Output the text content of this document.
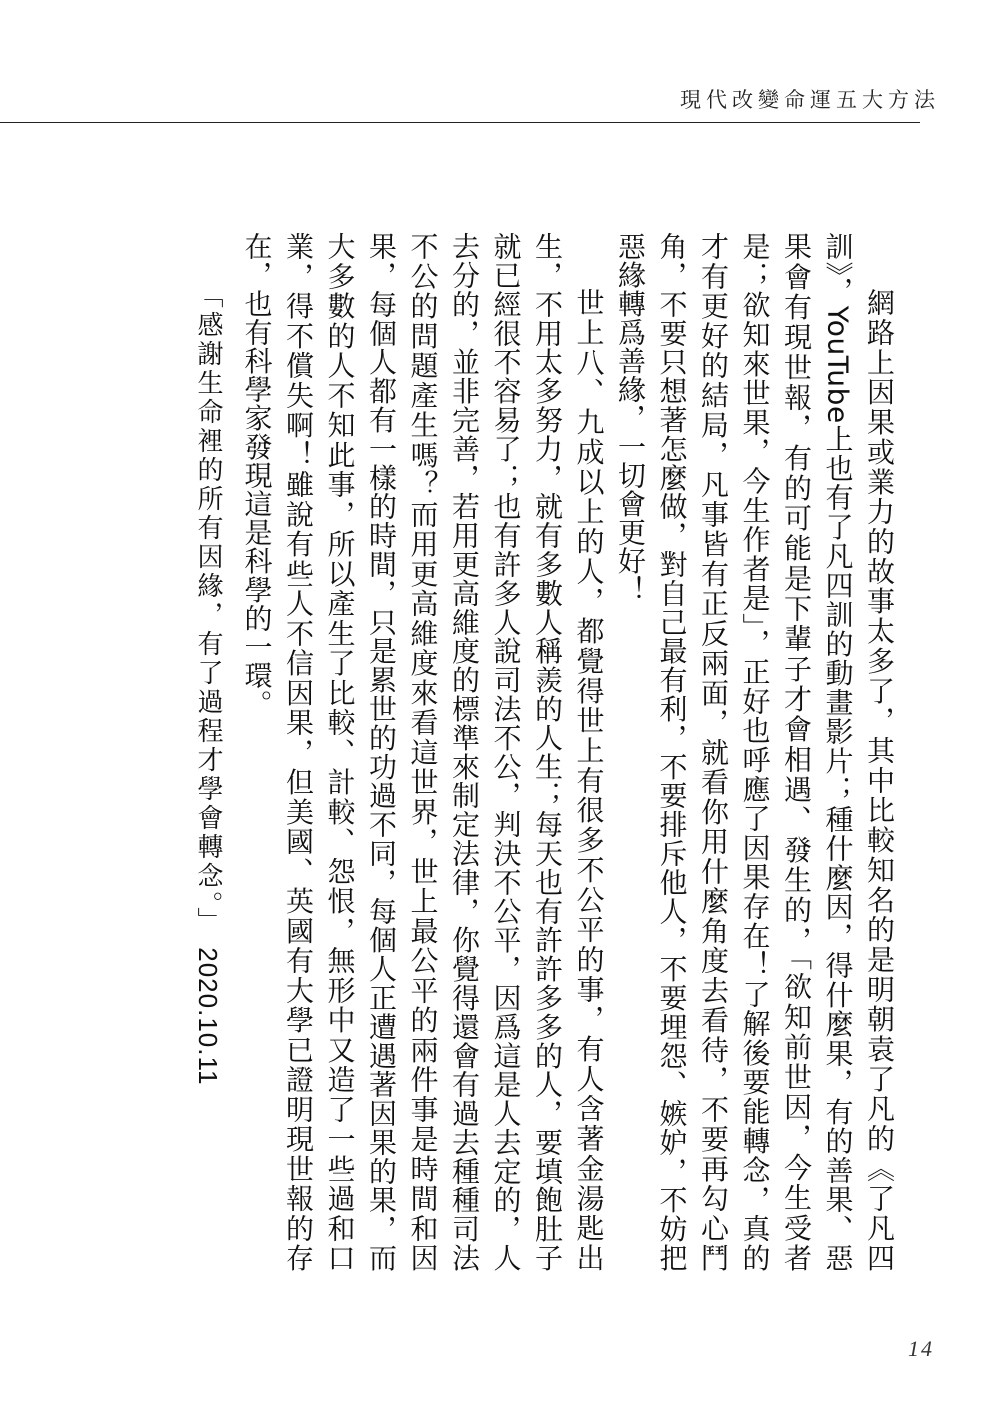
現代改變命運五大方法

網路上因果或業力的故事太多了，其中比較知名的是明朝袁了凡的《了凡四訓》，YouTube上也有了凡四訓的動畫影片；種什麼因，得什麼果，有的善果、惡果會有現世報，有的可能是下輩子才會相遇、發生的，「欲知前世因，今生受者是；欲知來世果，今生作者是」，正好也呼應了因果存在！了解後要能轉念，真的才有更好的結局，凡事皆有正反兩面，就看你用什麼角度去看待，不要再勾心鬥角，不要只想著怎麼做，對自己最有利，不要排斥他人，不要埋怨、嫉妒，不妨把惡緣轉爲善緣，一切會更好！

世上八、九成以上的人，都覺得世上有很多不公平的事，有人含著金湯匙出生，不用太多努力，就有多數人稱羨的人生；每天也有許許多多的人，要填飽肚子就已經很不容易了；也有許多人說司法不公，判決不公平，因爲這是人去定的，人去分的，並非完善，若用更高維度的標準來制定法律，你覺得還會有過去種種司法不公的問題產生嗎？而用更高維度來看這世界，世上最公平的兩件事是時間和因果，每個人都有一樣的時間，只是累世的功過不同，每個人正遭遇著因果的果，而大多數的人不知此事，所以產生了比較、計較、怨恨，無形中又造了一些過和口業，得不償失啊！雖說有些人不信因果，但美國、英國有大學已證明現世報的存在，也有科學家發現這是科學的一環。

「感謝生命裡的所有因緣，有了過程才學會轉念。」 2020.10.11
14
